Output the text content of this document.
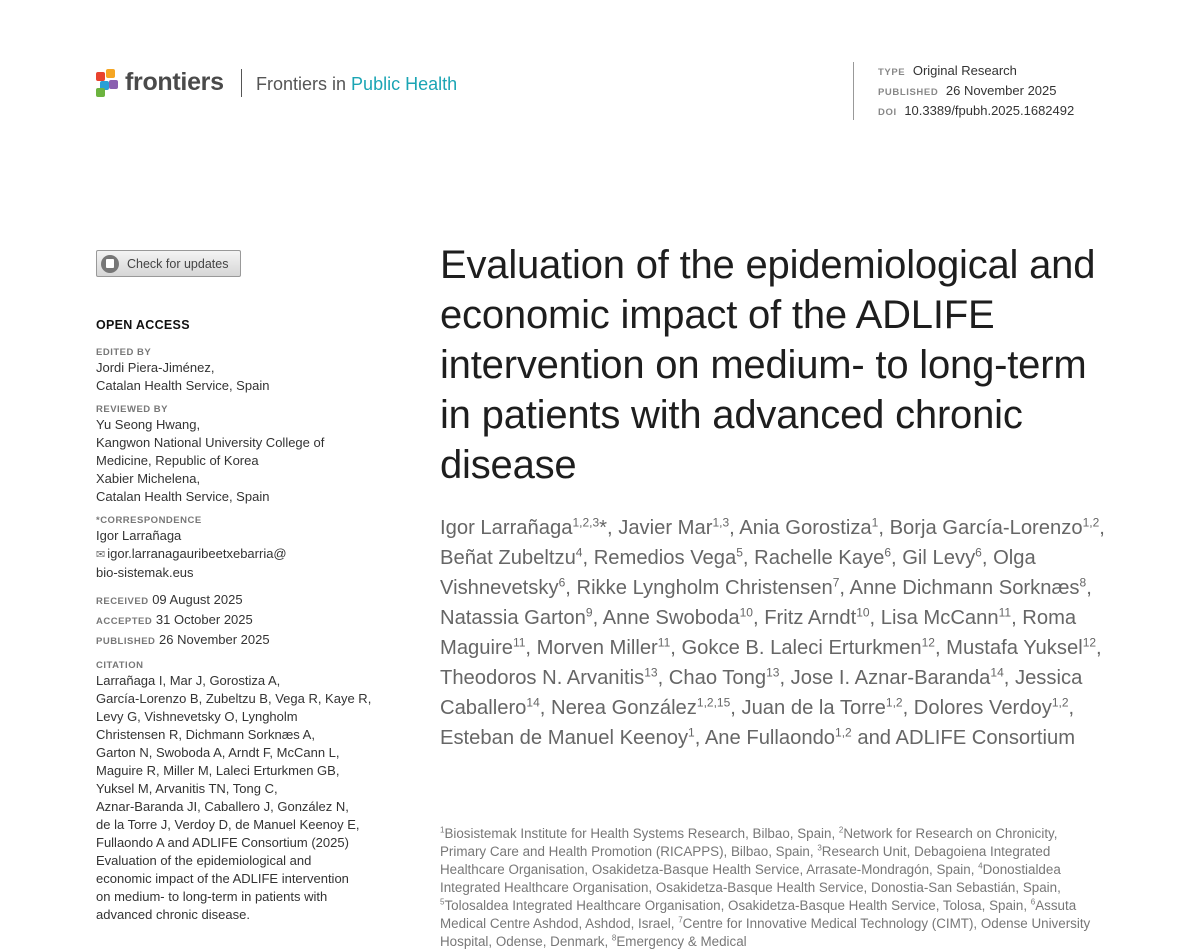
frontiers Frontiers in Public Health
TYPE Original Research
PUBLISHED 26 November 2025
DOI 10.3389/fpubh.2025.1682492
Check for updates
OPEN ACCESS
EDITED BY
Jordi Piera-Jiménez,
Catalan Health Service, Spain
REVIEWED BY
Yu Seong Hwang,
Kangwon National University College of
Medicine, Republic of Korea
Xabier Michelena,
Catalan Health Service, Spain
*CORRESPONDENCE
Igor Larrañaga
✉ igor.larranagauribeetxebarria@
bio-sistemak.eus
RECEIVED 09 August 2025
ACCEPTED 31 October 2025
PUBLISHED 26 November 2025
CITATION
Larrañaga I, Mar J, Gorostiza A,
García-Lorenzo B, Zubeltzu B, Vega R, Kaye R,
Levy G, Vishnevetsky O, Lyngholm
Christensen R, Dichmann Sorknæs A,
Garton N, Swoboda A, Arndt F, McCann L,
Maguire R, Miller M, Laleci Erturkmen GB,
Yuksel M, Arvanitis TN, Tong C,
Aznar-Baranda JI, Caballero J, González N,
de la Torre J, Verdoy D, de Manuel Keenoy E,
Fullaondo A and ADLIFE Consortium (2025)
Evaluation of the epidemiological and
economic impact of the ADLIFE intervention
on medium- to long-term in patients with
advanced chronic disease.
Evaluation of the epidemiological and economic impact of the ADLIFE intervention on medium- to long-term in patients with advanced chronic disease
Igor Larrañaga$^{1,2,3}$*, Javier Mar$^{1,3}$, Ania Gorostiza$^1$, Borja García-Lorenzo$^{1,2}$, Beñat Zubeltzu$^4$, Remedios Vega$^5$, Rachelle Kaye$^6$, Gil Levy$^6$, Olga Vishnevetsky$^6$, Rikke Lyngholm Christensen$^7$, Anne Dichmann Sorknæs$^8$, Natassia Garton$^9$, Anne Swoboda$^{10}$, Fritz Arndt$^{10}$, Lisa McCann$^{11}$, Roma Maguire$^{11}$, Morven Miller$^{11}$, Gokce B. Laleci Erturkmen$^{12}$, Mustafa Yuksel$^{12}$, Theodoros N. Arvanitis$^{13}$, Chao Tong$^{13}$, Jose I. Aznar-Baranda$^{14}$, Jessica Caballero$^{14}$, Nerea González$^{1,2,15}$, Juan de la Torre$^{1,2}$, Dolores Verdoy$^{1,2}$, Esteban de Manuel Keenoy$^1$, Ane Fullaondo$^{1,2}$ and ADLIFE Consortium
$^1$Biosistemak Institute for Health Systems Research, Bilbao, Spain, $^2$Network for Research on Chronicity, Primary Care and Health Promotion (RICAPPS), Bilbao, Spain, $^3$Research Unit, Debagoiena Integrated Healthcare Organisation, Osakidetza-Basque Health Service, Arrasate-Mondragón, Spain, $^4$Donostialdea Integrated Healthcare Organisation, Osakidetza-Basque Health Service, Donostia-San Sebastián, Spain, $^5$Tolosaldea Integrated Healthcare Organisation, Osakidetza-Basque Health Service, Tolosa, Spain, $^6$Assuta Medical Centre Ashdod, Ashdod, Israel, $^7$Centre for Innovative Medical Technology (CIMT), Odense University Hospital, Odense, Denmark, $^8$Emergency & Medical
